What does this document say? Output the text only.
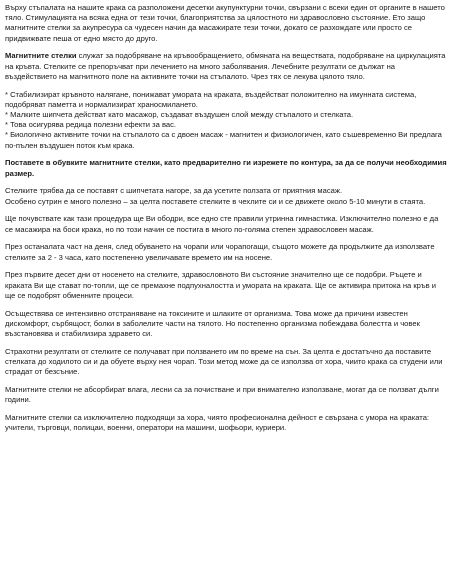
Върху стъпалата на нашите крака са разположени десетки акупунктурни точки, свързани с всеки един от органите в нашето тяло. Стимулацията на всяка една от тези точки, благоприятства за цялостното ни здравословно състояние. Ето защо магнитните стелки за акупресура са чудесен начин да масажирате тези точки, докато се разхождате или просто се придвижвате пеша от едно място до друго.

Магнитните стелки служат за подобряване на кръвообращението, обмяната на веществата, подобряване на циркулацията на кръвта. Стелките се препоръчват при лечението на много заболявания. Лечебните резултати се дължат на въздействието на магнитното поле на активните точки на стъпалото. Чрез тях се лекува цялото тяло.

* Стабилизират кръвното налягане, понижават умората на краката, въздействат положително на имунната система, подобряват паметта и нормализират храносмилането.

* Малките шипчета действат като масажор, създават въздушен слой между стъпалото и стелката.

* Това осигурява редица полезни ефекти за вас.

* Биологично активните точки на стъпалото са с двоен масаж - магнитен и физиологичен, като съшевременно Ви предлага по-пълен въздушен поток към крака.

Поставете в обувките магнитните стелки, като предварително ги изрежете по контура, за да се получи необходимия размер.

Стелките трябва да се поставят с шипчетата нагоре, за да усетите ползата от приятния масаж.

Особено сутрин е много полезно – за целта поставете стелките в чехлите си и се движете около 5-10 минути в стаята.

Ще почувствате как тази процедура ще Ви ободри, все едно сте правили утринна гимнастика. Изключително полезно е да се масажира на боси крака, но по този начин се постига в много по-голяма степен здравословен масаж.

През останалата част на деня, след обуването на чорапи или чорапогащи, същото можете да продължите да използвате стелките за 2 - 3 часа, като постепенно увеличавате времето им на носене.

През първите десет дни от носенето на стелките, здравословното Ви състояние значително ще се подобри. Ръцете и краката Ви ще стават по-топли, ще се премахне подпухналостта и умората на краката. Ще се активира притока на кръв и ще се подобрят обменните процеси.

Осъществява се интензивно отстраняване на токсините и шлаките от организма. Това може да причини известен дискомфорт, сърбящост, болки в заболелите части на тялото. Но постепенно организма побеждава болестта и човек възстановява и стабилизира здравето си.

Страхотни резултати от стелките се получават при ползването им по време на сън. За целта е достатъчно да поставите стелката до ходилото си и да обуете върху нея чорап. Този метод може да се използва от хора, чиито крака са студени или страдат от безсъние.

Магнитните стелки не абсорбират влага, лесни са за почистване и при внимателно използване, могат да се ползват дълги години.

Магнитните стелки са изключително подходящи за хора, чиято професионална дейност е свързана с умора на краката: учители, търговци, полицаи, военни, оператори на машини, шофьори, куриери.
